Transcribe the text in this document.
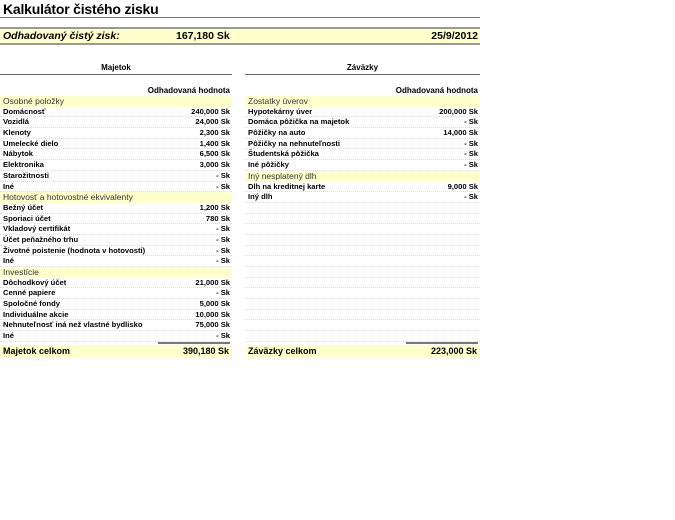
Kalkulátor čistého zisku
Odhadovaný čistý zisk:	167,180 Sk	25/9/2012
Majetok
Odhadovaná hodnota
Osobné položky
Domácnosť	240,000 Sk
Vozidlá	24,000 Sk
Klenoty	2,300 Sk
Umelecké dielo	1,400 Sk
Nábytok	6,500 Sk
Elektronika	3,000 Sk
Starožitnosti	- Sk
Iné	- Sk
Hotovosť a hotovostné ekvivalenty
Bežný účet	1,200 Sk
Sporiaci účet	780 Sk
Vkladový certifikát	- Sk
Účet peňažného trhu	- Sk
Životné poistenie (hodnota v hotovosti)	- Sk
Iné	- Sk
Investície
Dôchodkový účet	21,000 Sk
Cenné papiere	- Sk
Spoločné fondy	5,000 Sk
Individuálne akcie	10,000 Sk
Nehnuteľnosť iná než vlastné bydlisko	75,000 Sk
Iné	- Sk
Majetok celkom	390,180 Sk
Záväzky
Odhadovaná hodnota
Zostatky úverov
Hypotekárny úver	200,000 Sk
Domáca pôžička na majetok	- Sk
Pôžičky na auto	14,000 Sk
Pôžičky na nehnuteľnosti	- Sk
Študentská pôžička	- Sk
Iné pôžičky	- Sk
Iný nesplatený dlh
Dlh na kreditnej karte	9,000 Sk
Iný dlh	- Sk
Záväzky celkom	223,000 Sk
